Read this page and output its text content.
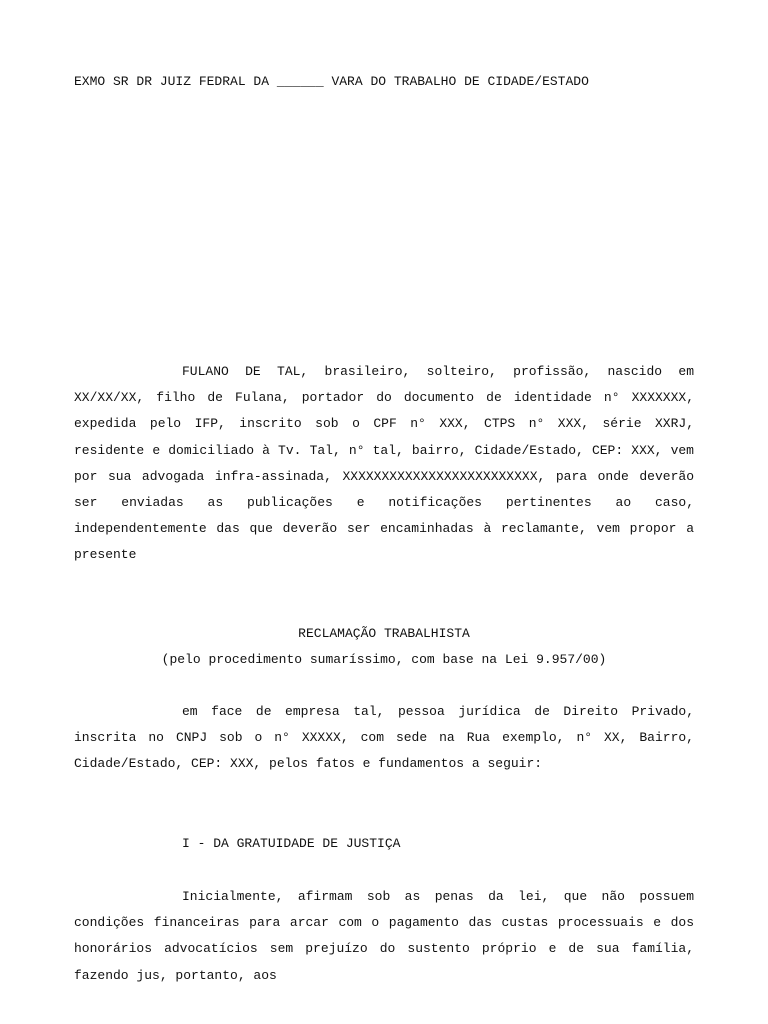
EXMO SR DR JUIZ FEDRAL DA ______ VARA DO TRABALHO DE CIDADE/ESTADO
FULANO DE TAL, brasileiro, solteiro, profissão, nascido em XX/XX/XX, filho de Fulana, portador do documento de identidade n° XXXXXXX, expedida pelo IFP, inscrito sob o CPF n° XXX, CTPS n° XXX, série XXRJ, residente e domiciliado à Tv. Tal, n° tal, bairro, Cidade/Estado, CEP: XXX, vem por sua advogada infra-assinada, XXXXXXXXXXXXXXXXXXXXXXXXX, para onde deverão ser enviadas as publicações e notificações pertinentes ao caso, independentemente das que deverão ser encaminhadas à reclamante, vem propor a presente
RECLAMAÇÃO TRABALHISTA
(pelo procedimento sumaríssimo, com base na Lei 9.957/00)
em face de empresa tal, pessoa jurídica de Direito Privado, inscrita no CNPJ sob o n° XXXXX, com sede na Rua exemplo, n° XX, Bairro, Cidade/Estado, CEP: XXX, pelos fatos e fundamentos a seguir:
I - DA GRATUIDADE DE JUSTIÇA
Inicialmente, afirmam sob as penas da lei, que não possuem condições financeiras para arcar com o pagamento das custas processuais e dos honorários advocatícios sem prejuízo do sustento próprio e de sua família, fazendo jus, portanto, aos
